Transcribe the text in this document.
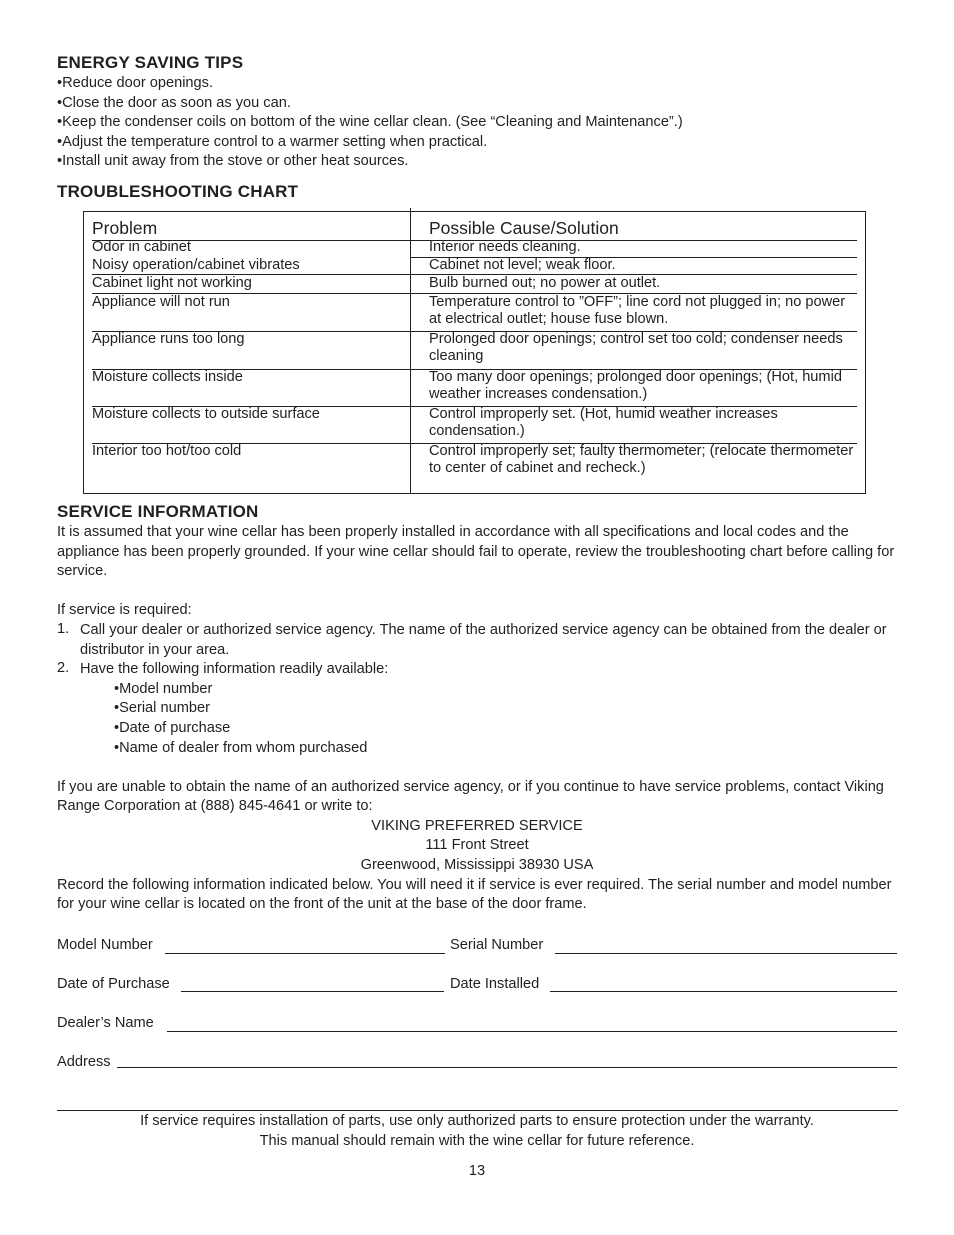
ENERGY SAVING TIPS

•Reduce door openings.

•Close the door as soon as you can.

•Keep the condenser coils on bottom of the wine cellar clean. (See “Cleaning and Maintenance”.)

•Adjust the temperature control to a warmer setting when practical.

•Install unit away from the stove or other heat sources.

TROUBLESHOOTING CHART
Problem	Possible Cause/Solution
Odor in cabinet	Interior needs cleaning.
Noisy operation/cabinet vibrates	Cabinet not level; weak floor.
Cabinet light not working	Bulb burned out; no power at outlet.
Appliance will not run	Temperature control to ”OFF”; line cord not plugged in; no power at electrical outlet; house fuse blown.
Appliance runs too long	Prolonged door openings; control set too cold; condenser needs cleaning
Moisture collects inside	Too many door openings; prolonged door openings; (Hot, humid weather increases condensation.)
Moisture collects to outside surface	Control improperly set. (Hot, humid weather increases condensation.)
Interior too hot/too cold	Control improperly set; faulty thermometer; (relocate thermometer to center of cabinet and recheck.)
SERVICE INFORMATION

It is assumed that your wine cellar has been properly installed in accordance with all specifications and local codes and the appliance has been properly grounded. If your wine cellar should fail to operate, review the troubleshooting chart before calling for service.

If service is required:

1. Call your dealer or authorized service agency. The name of the authorized service agency can be obtained from the dealer or distributor in your area.

2. Have the following information readily available:

•Model number

•Serial number

•Date of purchase

•Name of dealer from whom purchased

If you are unable to obtain the name of an authorized service agency, or if you continue to have service problems, contact Viking Range Corporation at (888) 845-4641 or write to:

VIKING PREFERRED SERVICE
111 Front Street
Greenwood, Mississippi 38930 USA

Record the following information indicated below. You will need it if service is ever required. The serial number and model number for your wine cellar is located on the front of the unit at the base of the door frame.

Model Number	Serial Number
Date of Purchase	Date Installed
Dealer’s Name
Address
If service requires installation of parts, use only authorized parts to ensure protection under the warranty.
This manual should remain with the wine cellar for future reference.
13
